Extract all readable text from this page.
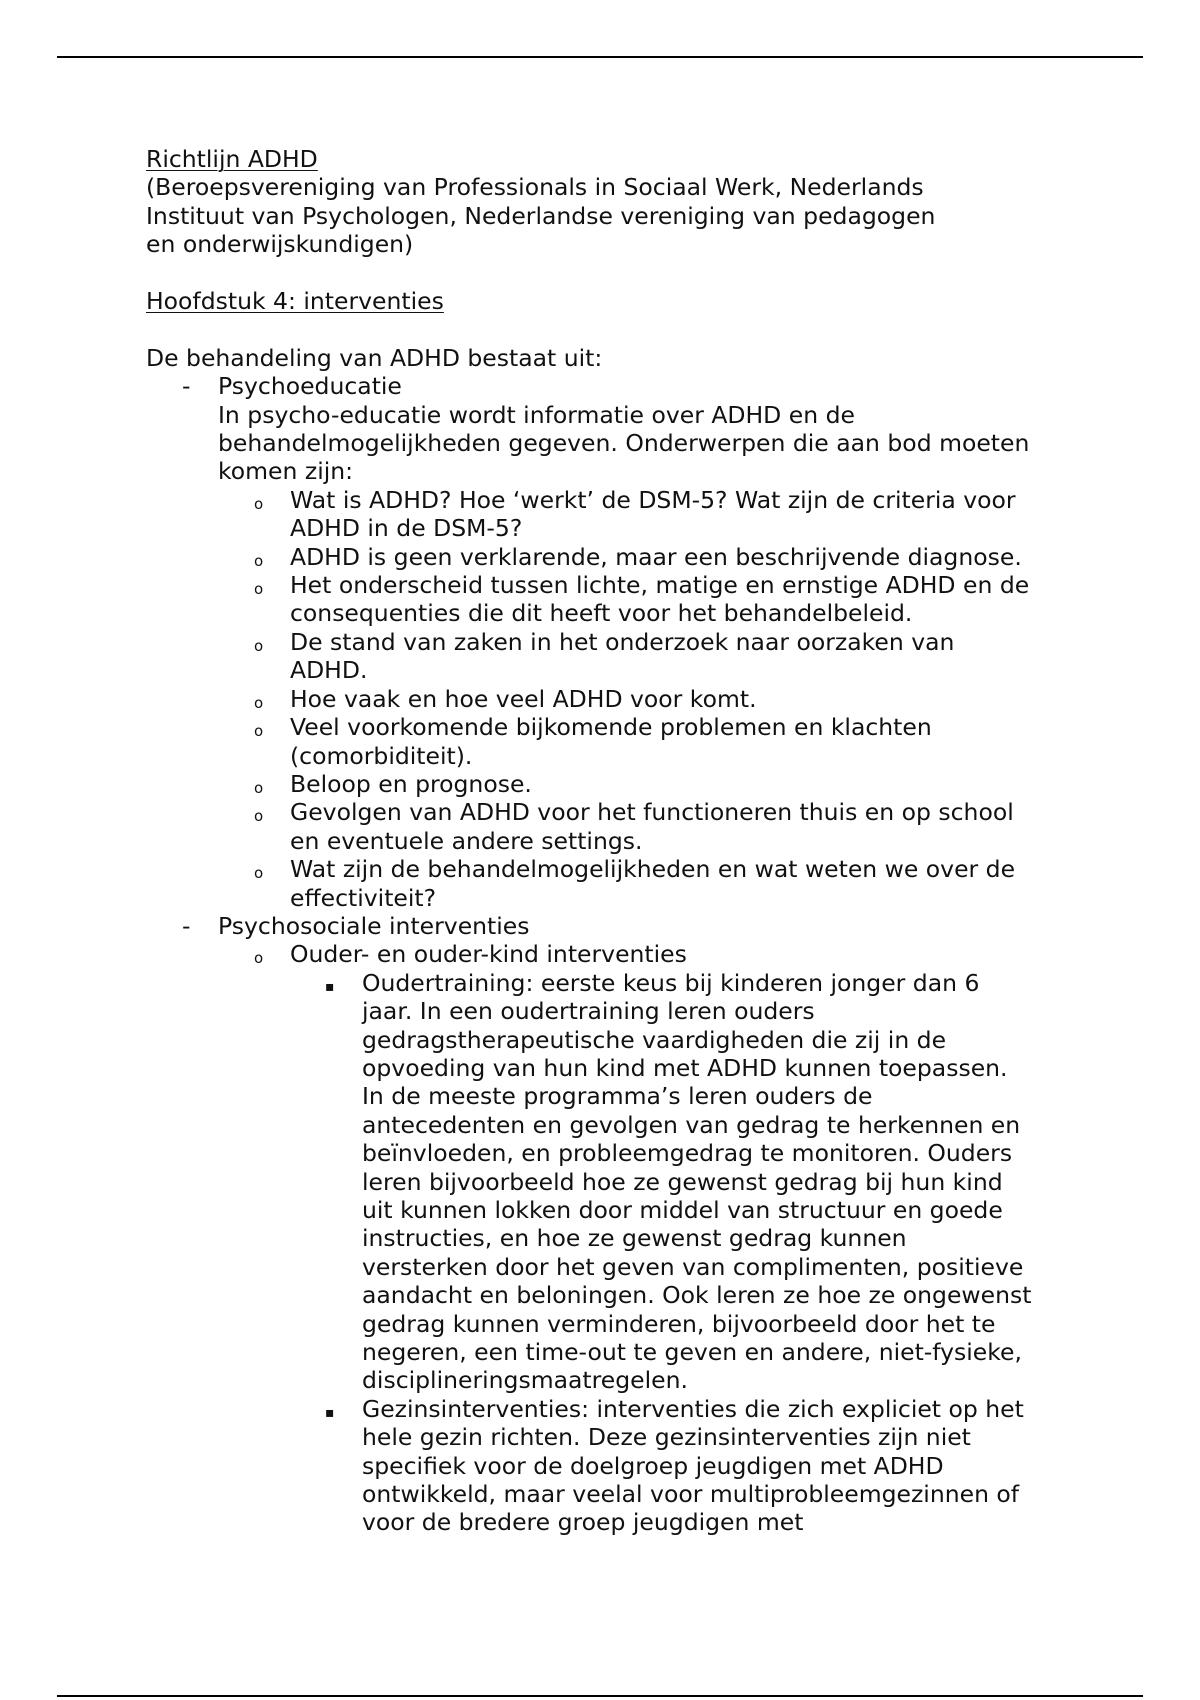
Richtlijn ADHD
(Beroepsvereniging van Professionals in Sociaal Werk, Nederlands
Instituut van Psychologen, Nederlandse vereniging van pedagogen
en onderwijskundigen)
Hoofdstuk 4: interventies
De behandeling van ADHD bestaat uit:
- Psychoeducatie
In psycho-educatie wordt informatie over ADHD en de
behandelmogelijkheden gegeven. Onderwerpen die aan bod moeten
komen zijn:
o Wat is ADHD? Hoe ‘werkt’ de DSM-5? Wat zijn de criteria voor
ADHD in de DSM-5?
o ADHD is geen verklarende, maar een beschrijvende diagnose.
o Het onderscheid tussen lichte, matige en ernstige ADHD en de
consequenties die dit heeft voor het behandelbeleid.
o De stand van zaken in het onderzoek naar oorzaken van
ADHD.
o Hoe vaak en hoe veel ADHD voor komt.
o Veel voorkomende bijkomende problemen en klachten
(comorbiditeit).
o Beloop en prognose.
o Gevolgen van ADHD voor het functioneren thuis en op school
en eventuele andere settings.
o Wat zijn de behandelmogelijkheden en wat weten we over de
effectiviteit?
- Psychosociale interventies
o Ouder- en ouder-kind interventies
▪ Oudertraining: eerste keus bij kinderen jonger dan 6
jaar. In een oudertraining leren ouders
gedragstherapeutische vaardigheden die zij in de
opvoeding van hun kind met ADHD kunnen toepassen.
In de meeste programma’s leren ouders de
antecedenten en gevolgen van gedrag te herkennen en
beïnvloeden, en probleemgedrag te monitoren. Ouders
leren bijvoorbeeld hoe ze gewenst gedrag bij hun kind
uit kunnen lokken door middel van structuur en goede
instructies, en hoe ze gewenst gedrag kunnen
versterken door het geven van complimenten, positieve
aandacht en beloningen. Ook leren ze hoe ze ongewenst
gedrag kunnen verminderen, bijvoorbeeld door het te
negeren, een time-out te geven en andere, niet-fysieke,
disciplineringsmaatregelen.
▪ Gezinsinterventies: interventies die zich expliciet op het
hele gezin richten. Deze gezinsinterventies zijn niet
specifiek voor de doelgroep jeugdigen met ADHD
ontwikkeld, maar veelal voor multiprobleemgezinnen of
voor de bredere groep jeugdigen met
